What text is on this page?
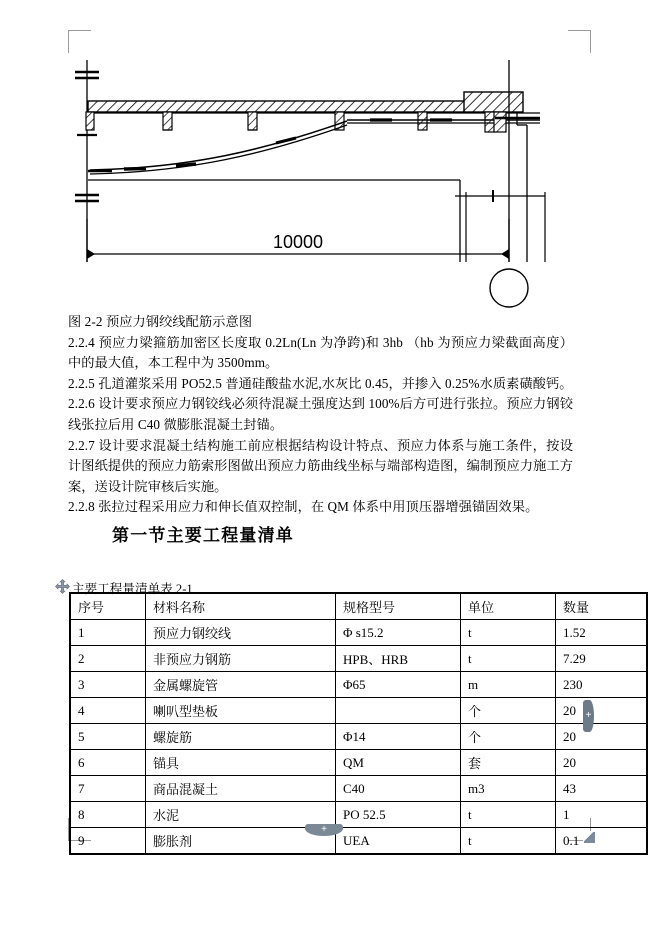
10000

图 2-2 预应力钢绞线配筋示意图

2.2.4 预应力梁箍筋加密区长度取 0.2Ln(Ln 为净跨)和 3hb （hb 为预应力梁截面高度）中的最大值，本工程中为 3500mm。

2.2.5 孔道灌浆采用 PO52.5 普通硅酸盐水泥,水灰比 0.45，并掺入 0.25%水质素磺酸钙。

2.2.6 设计要求预应力钢铰线必须待混凝土强度达到 100%后方可进行张拉。预应力钢铰线张拉后用 C40 微膨胀混凝土封锚。

2.2.7 设计要求混凝土结构施工前应根据结构设计特点、预应力体系与施工条件，按设计图纸提供的预应力筋索形图做出预应力筋曲线坐标与端部构造图，编制预应力施工方案，送设计院审核后实施。

2.2.8 张拉过程采用应力和伸长值双控制，在 QM 体系中用顶压器增强锚固效果。

第一节主要工程量清单
主要工程量清单表 2-1
序号	材料名称	规格型号	单位	数量
1	预应力钢绞线	Φ s15.2	t	1.52
2	非预应力钢筋	HPB、HRB	t	7.29
3	金属螺旋管	Φ65	m	230
4	喇叭型垫板		个	20
5	螺旋筋	Φ14	个	20
6	锚具	QM	套	20
7	商品混凝土	C40	m3	43
8	水泥	PO 52.5	t	1
9	膨胀剂	UEA	t	0.1
+
+
